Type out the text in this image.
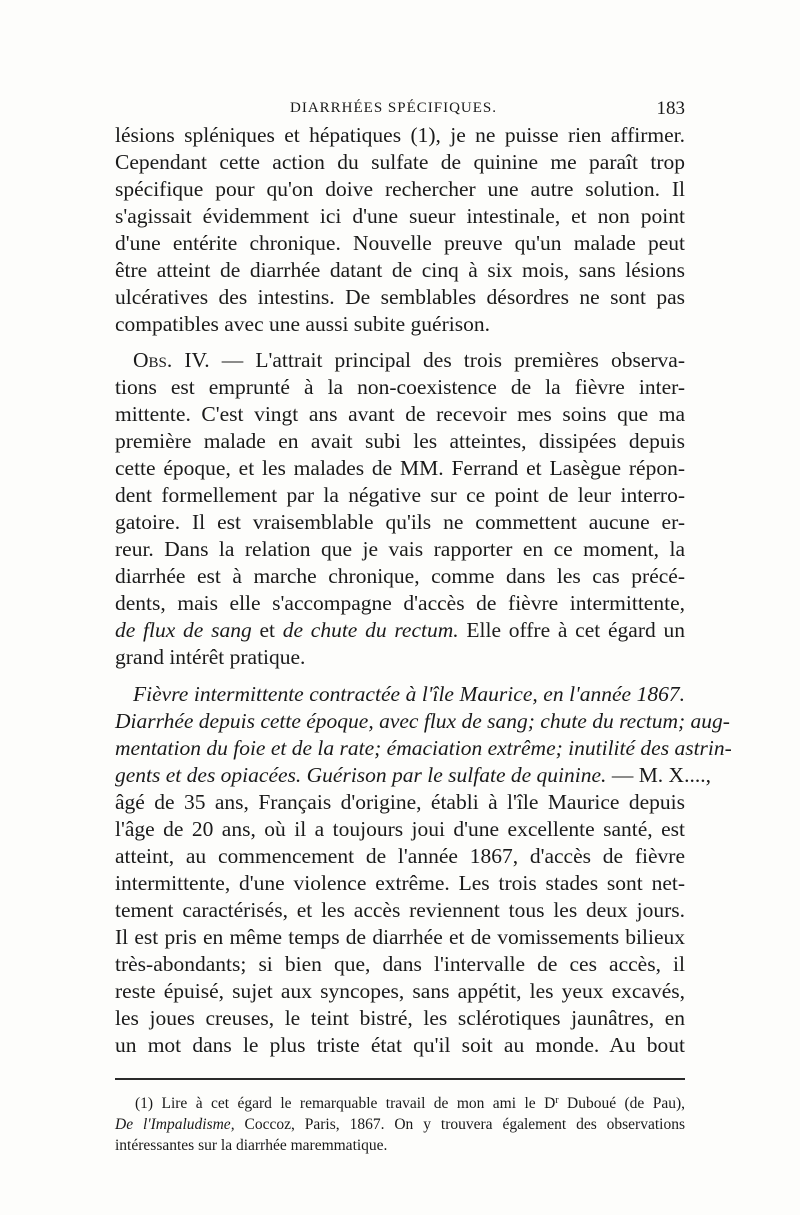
DIARRHÉES SPÉCIFIQUES.	183
lésions spléniques et hépatiques (1), je ne puisse rien affirmer.
Cependant cette action du sulfate de quinine me paraît trop
spécifique pour qu'on doive rechercher une autre solution. Il
s'agissait évidemment ici d'une sueur intestinale, et non point
d'une entérite chronique. Nouvelle preuve qu'un malade peut
être atteint de diarrhée datant de cinq à six mois, sans lésions
ulcératives des intestins. De semblables désordres ne sont pas
compatibles avec une aussi subite guérison.
Obs. IV. — L'attrait principal des trois premières observa-
tions est emprunté à la non-coexistence de la fièvre inter-
mittente. C'est vingt ans avant de recevoir mes soins que ma
première malade en avait subi les atteintes, dissipées depuis
cette époque, et les malades de MM. Ferrand et Lasègue répon-
dent formellement par la négative sur ce point de leur interro-
gatoire. Il est vraisemblable qu'ils ne commettent aucune er-
reur. Dans la relation que je vais rapporter en ce moment, la
diarrhée est à marche chronique, comme dans les cas précé-
dents, mais elle s'accompagne d'accès de fièvre intermittente,
de flux de sang et de chute du rectum. Elle offre à cet égard un
grand intérêt pratique.
Fièvre intermittente contractée à l'île Maurice, en l'année 1867.
Diarrhée depuis cette époque, avec flux de sang; chute du rectum; aug-
mentation du foie et de la rate; émaciation extrême; inutilité des astrin-
gents et des opiacées. Guérison par le sulfate de quinine. — M. X....,
âgé de 35 ans, Français d'origine, établi à l'île Maurice depuis
l'âge de 20 ans, où il a toujours joui d'une excellente santé, est
atteint, au commencement de l'année 1867, d'accès de fièvre
intermittente, d'une violence extrême. Les trois stades sont net-
tement caractérisés, et les accès reviennent tous les deux jours.
Il est pris en même temps de diarrhée et de vomissements bilieux
très-abondants; si bien que, dans l'intervalle de ces accès, il
reste épuisé, sujet aux syncopes, sans appétit, les yeux excavés,
les joues creuses, le teint bistré, les sclérotiques jaunâtres, en
un mot dans le plus triste état qu'il soit au monde. Au bout
(1) Lire à cet égard le remarquable travail de mon ami le $D^r$ Duboué (de Pau),
De l'Impaludisme, Coccoz, Paris, 1867. On y trouvera également des observations
intéressantes sur la diarrhée maremmatique.
